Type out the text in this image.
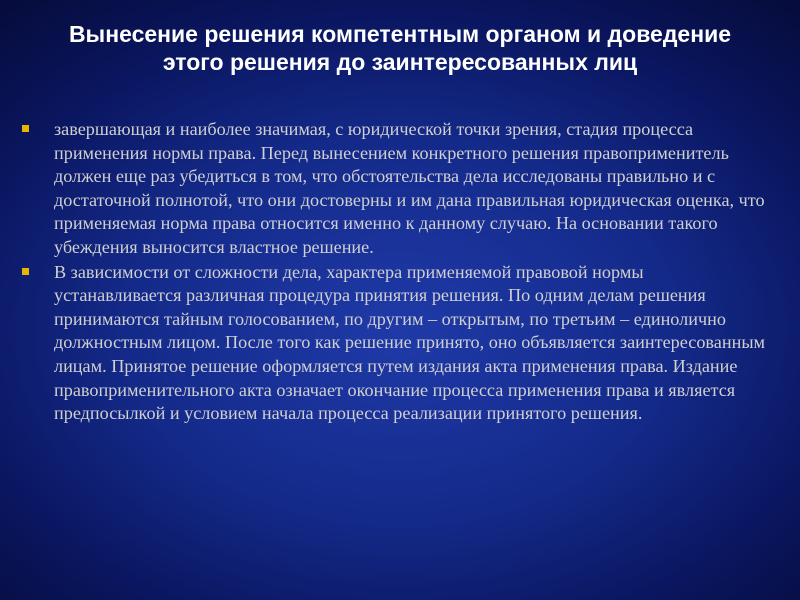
Вынесение решения компетентным органом и доведение этого решения до заинтересованных лиц
завершающая и наиболее значимая, с юридической точки зрения, стадия процесса применения нормы права. Перед вынесением конкретного решения правоприменитель должен еще раз убедиться в том, что обстоятельства дела исследованы правильно и с достаточной полнотой, что они достоверны и им дана правильная юридическая оценка, что применяемая норма права относится именно к данному случаю. На основании такого убеждения выносится властное решение.
В зависимости от сложности дела, характера применяемой правовой нормы устанавливается различная процедура принятия решения. По одним делам решения принимаются тайным голосованием, по другим – открытым, по третьим – единолично должностным лицом. После того как решение принято, оно объявляется заинтересованным лицам. Принятое решение оформляется путем издания акта применения права. Издание правоприменительного акта означает окончание процесса применения права и является предпосылкой и условием начала процесса реализации принятого решения.
